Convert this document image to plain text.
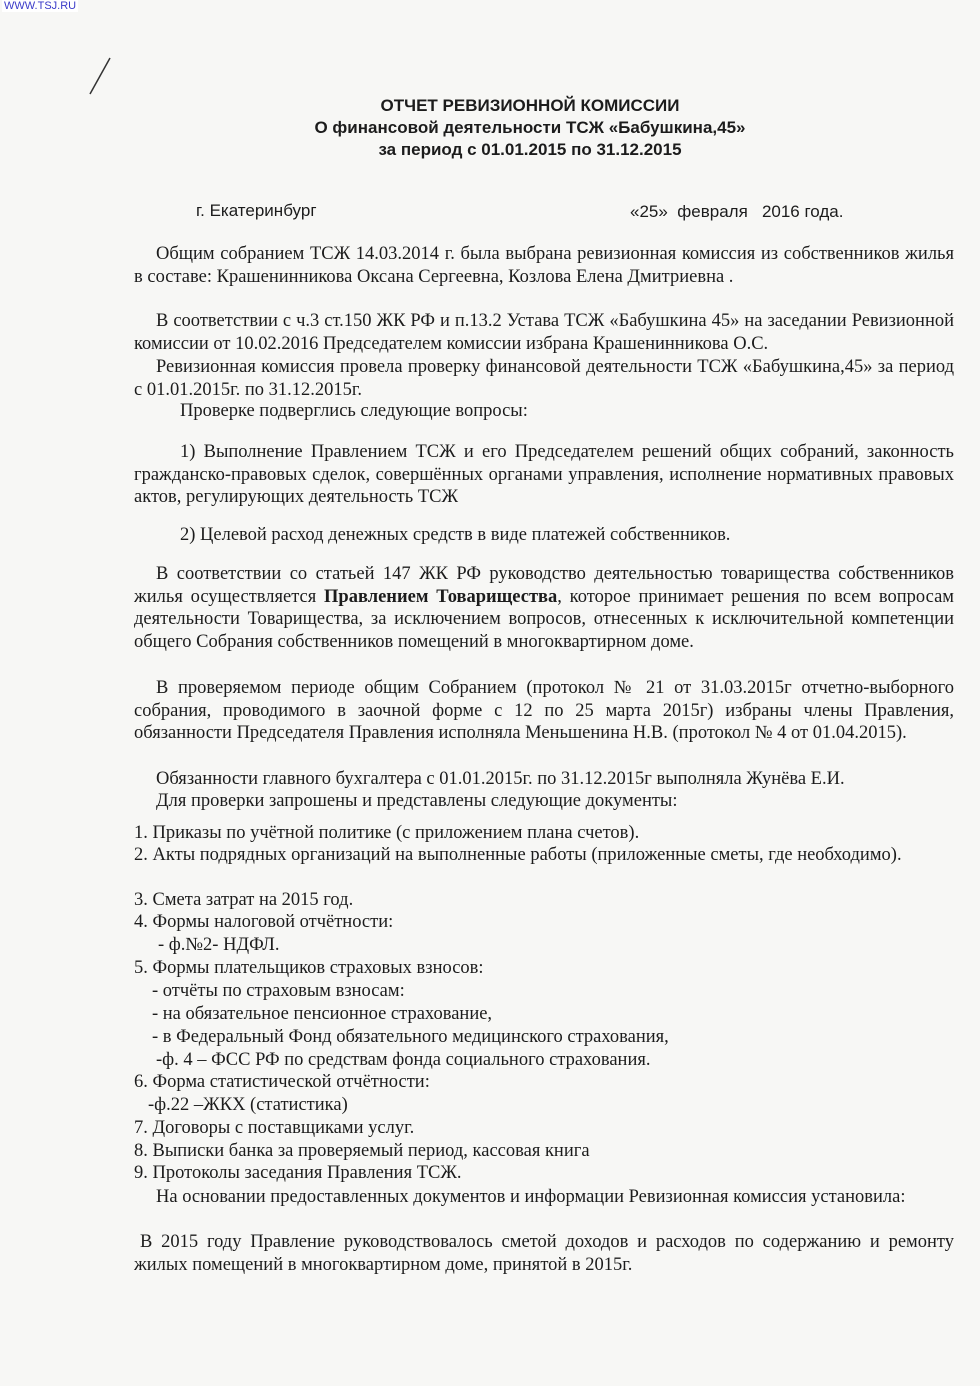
WWW.TSJ.RU
ОТЧЕТ РЕВИЗИОННОЙ КОМИССИИ
О финансовой деятельности ТСЖ «Бабушкина,45»
за период с 01.01.2015 по 31.12.2015
г. Екатеринбург	«25»  февраля   2016 года.

Общим собранием ТСЖ 14.03.2014 г. была выбрана ревизионная комиссия из собственников жилья в составе: Крашенинникова Оксана Сергеевна, Козлова Елена Дмитриевна .

В соответствии с ч.3 ст.150 ЖК РФ и п.13.2 Устава ТСЖ «Бабушкина 45» на заседании Ревизионной комиссии от 10.02.2016 Председателем комиссии избрана Крашенинникова О.С.

Ревизионная комиссия провела проверку финансовой деятельности ТСЖ «Бабушкина,45» за период с 01.01.2015г. по 31.12.2015г.

Проверке подверглись следующие вопросы:

1) Выполнение Правлением ТСЖ и его Председателем решений общих собраний, законность гражданско-правовых сделок, совершённых органами управления, исполнение нормативных правовых актов, регулирующих деятельность ТСЖ

2) Целевой расход денежных средств в виде платежей собственников.

В соответствии со статьей 147 ЖК РФ руководство деятельностью товарищества собственников жилья осуществляется Правлением Товарищества, которое принимает решения по всем вопросам деятельности Товарищества, за исключением вопросов, отнесенных к исключительной компетенции общего Собрания собственников помещений в многоквартирном доме.

В проверяемом периоде общим Собранием (протокол № 21 от 31.03.2015г отчетно-выборного собрания, проводимого в заочной форме с 12 по 25 марта 2015г) избраны члены Правления, обязанности Председателя Правления исполняла Меньшенина Н.В. (протокол № 4 от 01.04.2015).

Обязанности главного бухгалтера с 01.01.2015г. по 31.12.2015г выполняла Жунёва Е.И.

Для проверки запрошены и представлены следующие документы:

1. Приказы по учётной политике (с приложением плана счетов).

2. Акты подрядных организаций на выполненные работы (приложенные сметы, где необходимо).

3. Смета затрат на 2015 год.

4. Формы налоговой отчётности:

- ф.№2- НДФЛ.

5. Формы плательщиков страховых взносов:

- отчёты по страховым взносам:

- на обязательное пенсионное страхование,

- в Федеральный Фонд обязательного медицинского страхования,

-ф. 4 – ФСС РФ по средствам фонда социального страхования.

6. Форма статистической отчётности:

-ф.22 –ЖКХ (статистика)

7. Договоры с поставщиками услуг.

8. Выписки банка за проверяемый период, кассовая книга

9. Протоколы заседания Правления ТСЖ.

На основании предоставленных документов и информации Ревизионная комиссия установила:

В 2015 году Правление руководствовалось сметой доходов и расходов по содержанию и ремонту жилых помещений в многоквартирном доме, принятой в 2015г.
